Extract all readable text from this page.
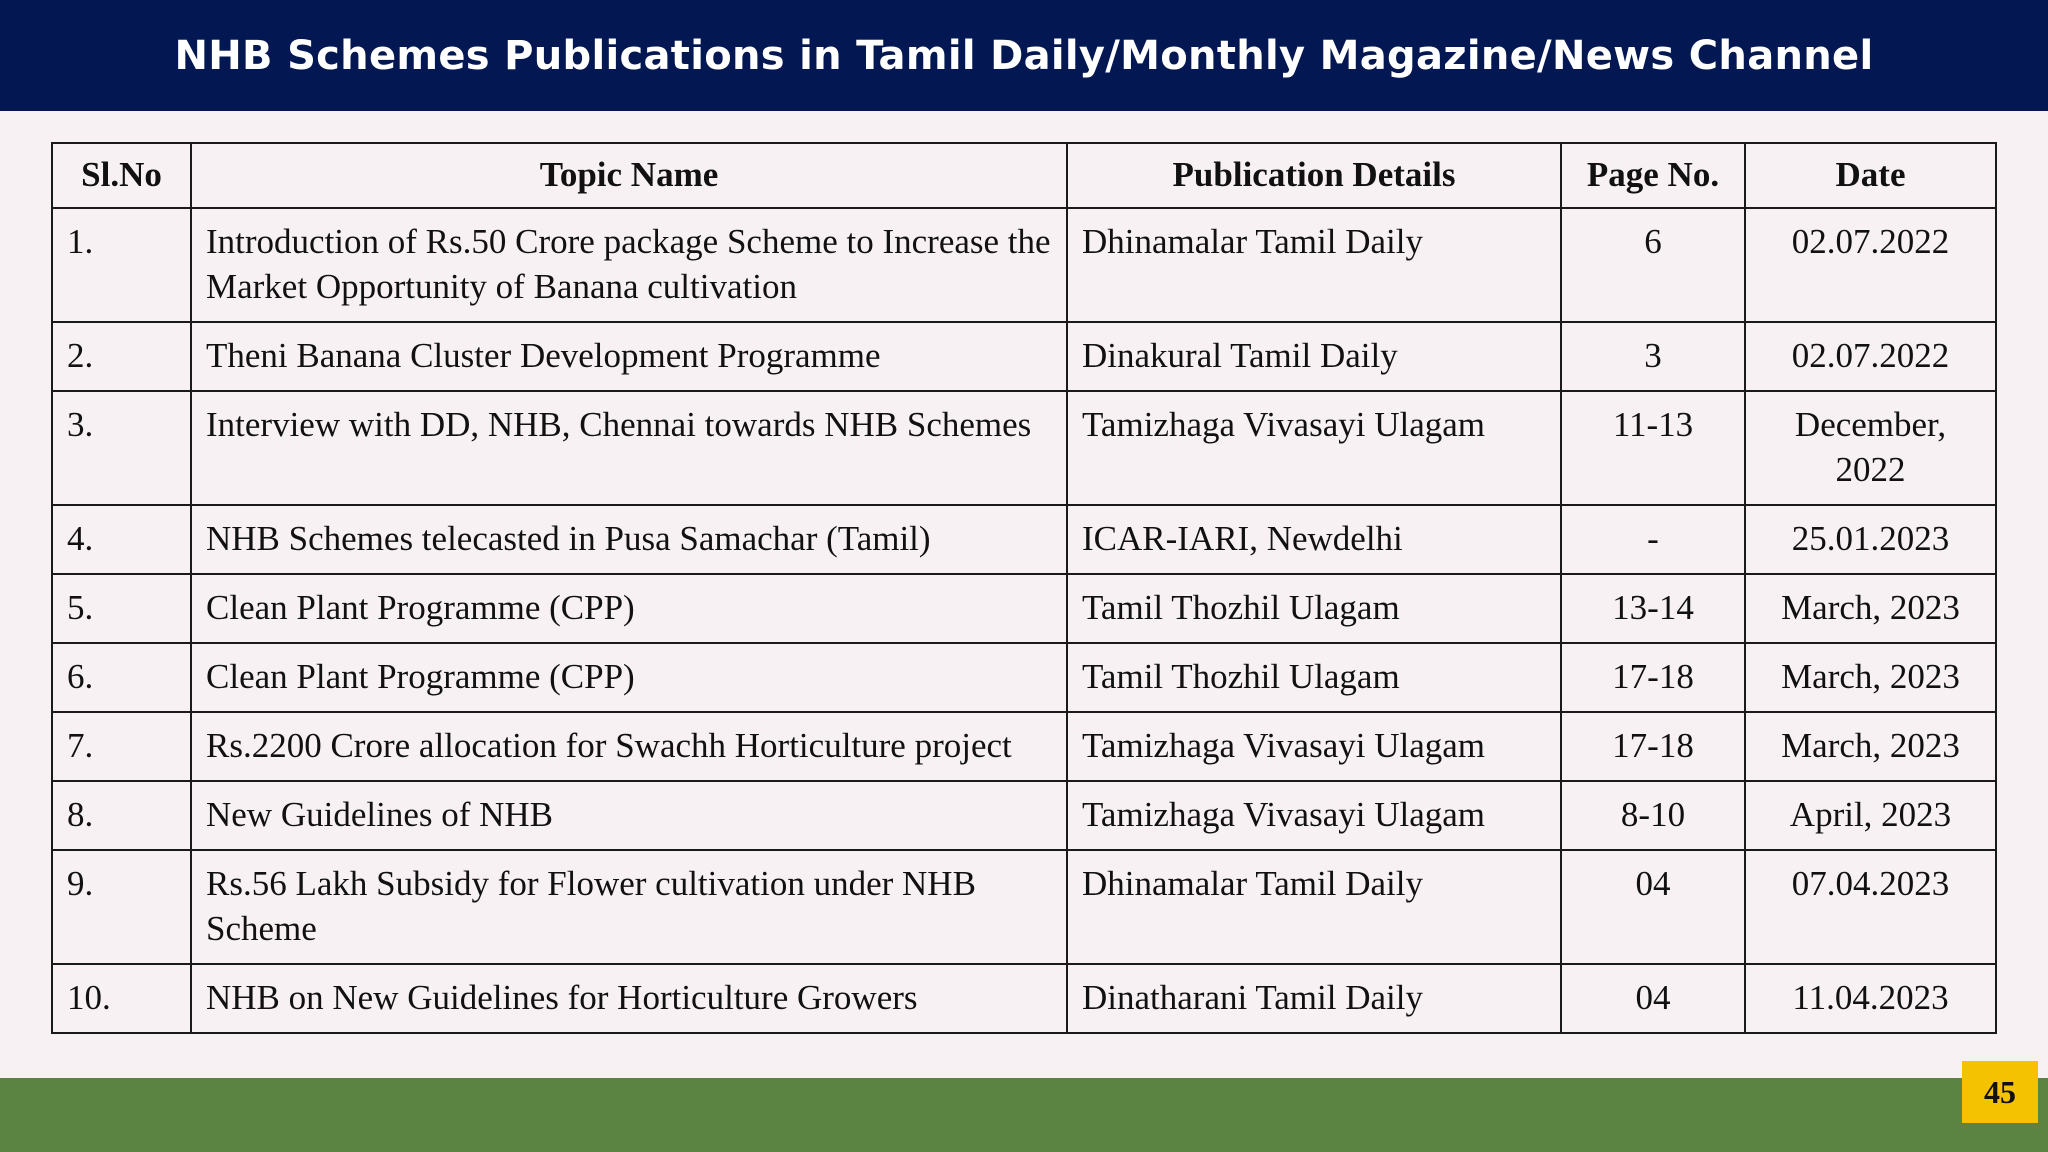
NHB Schemes Publications in Tamil Daily/Monthly Magazine/News Channel
Sl.No	Topic Name	Publication Details	Page No.	Date
1.	Introduction of Rs.50 Crore package Scheme to Increase the Market Opportunity of Banana cultivation	Dhinamalar Tamil Daily	6	02.07.2022
2.	Theni Banana Cluster Development Programme	Dinakural Tamil Daily	3	02.07.2022
3.	Interview with DD, NHB, Chennai towards NHB Schemes	Tamizhaga Vivasayi Ulagam	11-13	December, 2022
4.	NHB Schemes telecasted in Pusa Samachar (Tamil)	ICAR-IARI, Newdelhi	-	25.01.2023
5.	Clean Plant Programme (CPP)	Tamil Thozhil Ulagam	13-14	March, 2023
6.	Clean Plant Programme (CPP)	Tamil Thozhil Ulagam	17-18	March, 2023
7.	Rs.2200 Crore allocation for Swachh Horticulture project	Tamizhaga Vivasayi Ulagam	17-18	March, 2023
8.	New Guidelines of NHB	Tamizhaga Vivasayi Ulagam	8-10	April, 2023
9.	Rs.56 Lakh Subsidy for Flower cultivation under NHB Scheme	Dhinamalar Tamil Daily	04	07.04.2023
10.	NHB on New Guidelines for Horticulture Growers	Dinatharani Tamil Daily	04	11.04.2023
45
